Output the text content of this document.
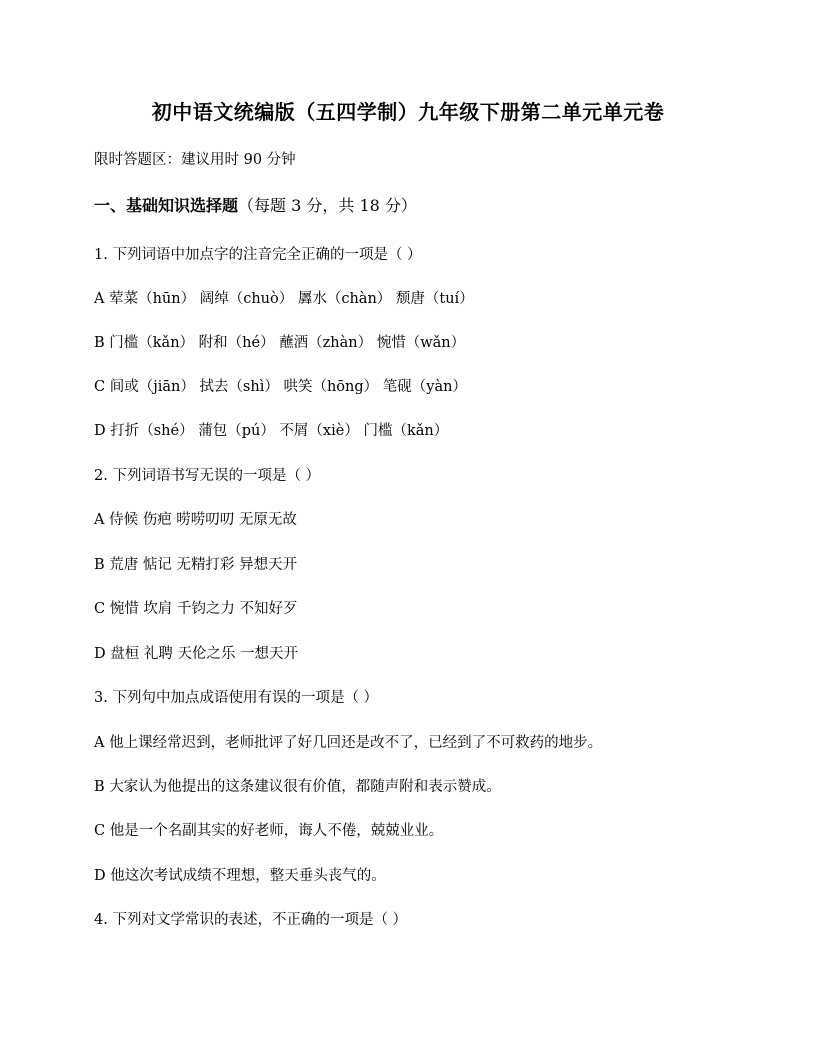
初中语文统编版（五四学制）九年级下册第二单元单元卷
限时答题区：建议用时 90 分钟
一、基础知识选择题（每题 3 分，共 18 分）
1. 下列词语中加点字的注音完全正确的一项是（ ）
A 荤菜（hūn） 阔绰（chuò） 羼水（chàn） 颓唐（tuí）
B 门槛（kǎn） 附和（hé） 蘸酒（zhàn） 惋惜（wǎn）
C 间或（jiān） 拭去（shì） 哄笑（hōng） 笔砚（yàn）
D 打折（shé） 蒲包（pú） 不屑（xiè） 门槛（kǎn）
2. 下列词语书写无误的一项是（ ）
A 侍候 伤疤 唠唠叨叨 无原无故
B 荒唐 惦记 无精打彩 异想天开
C 惋惜 坎肩 千钧之力 不知好歹
D 盘桓 礼聘 天伦之乐 一想天开
3. 下列句中加点成语使用有误的一项是（ ）
A 他上课经常迟到，老师批评了好几回还是改不了，已经到了不可救药的地步。
B 大家认为他提出的这条建议很有价值，都随声附和表示赞成。
C 他是一个名副其实的好老师，诲人不倦，兢兢业业。
D 他这次考试成绩不理想，整天垂头丧气的。
4. 下列对文学常识的表述，不正确的一项是（ ）
